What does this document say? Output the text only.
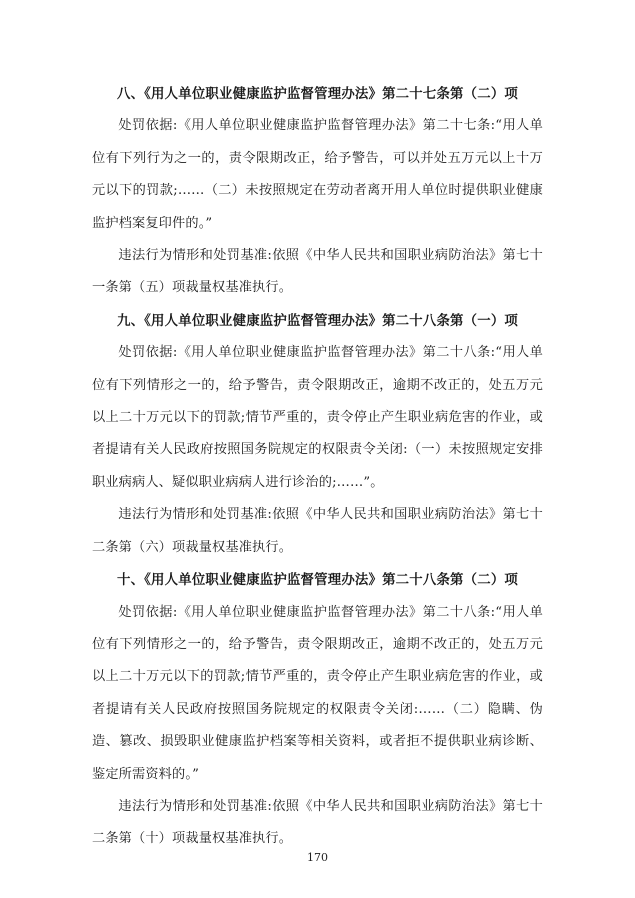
八、《用人单位职业健康监护监督管理办法》第二十七条第（二）项

处罚依据:《用人单位职业健康监护监督管理办法》第二十七条:“用人单位有下列行为之一的，责令限期改正，给予警告，可以并处五万元以上十万元以下的罚款;……（二）未按照规定在劳动者离开用人单位时提供职业健康监护档案复印件的。”

违法行为情形和处罚基准:依照《中华人民共和国职业病防治法》第七十一条第（五）项裁量权基准执行。

九、《用人单位职业健康监护监督管理办法》第二十八条第（一）项

处罚依据:《用人单位职业健康监护监督管理办法》第二十八条:“用人单位有下列情形之一的，给予警告，责令限期改正，逾期不改正的，处五万元以上二十万元以下的罚款;情节严重的，责令停止产生职业病危害的作业，或者提请有关人民政府按照国务院规定的权限责令关闭:（一）未按照规定安排职业病病人、疑似职业病病人进行诊治的;……”。

违法行为情形和处罚基准:依照《中华人民共和国职业病防治法》第七十二条第（六）项裁量权基准执行。

十、《用人单位职业健康监护监督管理办法》第二十八条第（二）项

处罚依据:《用人单位职业健康监护监督管理办法》第二十八条:“用人单位有下列情形之一的，给予警告，责令限期改正，逾期不改正的，处五万元以上二十万元以下的罚款;情节严重的，责令停止产生职业病危害的作业，或者提请有关人民政府按照国务院规定的权限责令关闭:……（二）隐瞒、伪造、篡改、损毁职业健康监护档案等相关资料，或者拒不提供职业病诊断、鉴定所需资料的。”

违法行为情形和处罚基准:依照《中华人民共和国职业病防治法》第七十二条第（十）项裁量权基准执行。

170
